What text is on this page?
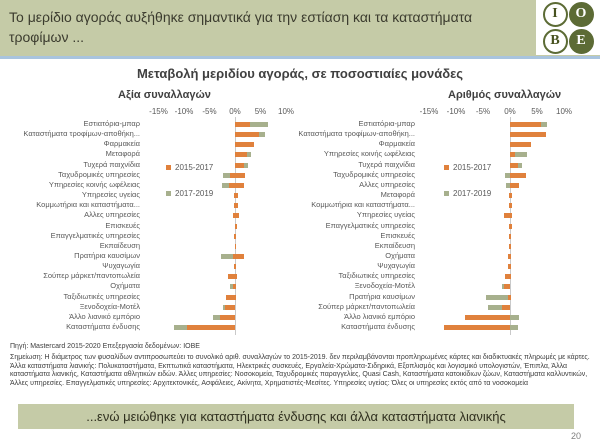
Το μερίδιο αγοράς αυξήθηκε σημαντικά για την εστίαση και τα καταστήματα τροφίμων ...
I	O
B	E
Μεταβολή μεριδίου αγοράς, σε ποσοστιαίες μονάδες
Αξία συναλλαγών	Αριθμός συναλλαγών
-15% -10% -5% 0% 5% 10%
Εστιατόρια-μπαρ
Καταστήματα τροφίμων-αποθήκη...
Φαρμακεία
Μεταφορά
Τυχερά παιχνίδια
Ταχυδρομικές υπηρεσίες
Υπηρεσίες κοινής ωφέλειας
Υπηρεσίες υγείας
Κομμωτήρια και καταστήματα...
Αλλες υπηρεσίες
Επισκευές
Επαγγελματικές υπηρεσίες
Εκπαίδευση
Πρατήρια καυσίμων
Ψυχαγωγία
Σούπερ μάρκετ/παντοπωλεία
Οχήματα
Ταξιδιωτικές υπηρεσίες
Ξενοδοχεία-Μοτέλ
Άλλο λιανικό εμπόριο
Καταστήματα ένδυσης
2015-2017
2017-2019
-15% -10% -5% 0% 5% 10%
Εστιατόρια-μπαρ
Καταστήματα τροφίμων-αποθήκη...
Φαρμακεία
Υπηρεσίες κοινής ωφέλειας
Τυχερά παιχνίδια
Ταχυδρομικές υπηρεσίες
Αλλες υπηρεσίες
Μεταφορά
Κομμωτήρια και καταστήματα...
Υπηρεσίες υγείας
Επαγγελματικές υπηρεσίες
Επισκευές
Εκπαίδευση
Οχήματα
Ψυχαγωγία
Ταξιδιωτικές υπηρεσίες
Ξενοδοχεία-Μοτέλ
Πρατήρια καυσίμων
Σούπερ μάρκετ/παντοπωλεία
Άλλο λιανικό εμπόριο
Καταστήματα ένδυσης
2015-2017
2017-2019
Πηγή: Mastercard 2015-2020 Επεξεργασία δεδομένων: ΙΟΒΕ
Σημείωση: Η διάμετρος των φυσαλίδων αντιπροσωπεύει το συνολικό αριθ. συναλλαγών το 2015-2019. δεν περιλαμβάνονται προπληρωμένες κάρτες και διαδικτυακές πληρωμές με κάρτες. Άλλα καταστήματα λιανικής: Πολυκαταστήματα, Εκπτωτικά καταστήματα, Ηλεκτρικές συσκευές, Εργαλεία-Χρώματα-Σιδηρικά, Εξοπλισμός και λογισμικό υπολογιστών, Έπιπλα, Άλλα καταστήματα λιανικής, Καταστήματα αθλητικών ειδών. Άλλες υπηρεσίες: Νοσοκομεία, Ταχυδρομικές παραγγελίες, Quasi Cash, Καταστήματα κατοικίδιων ζώων, Καταστήματα καλλυντικών, Άλλες υπηρεσίες. Επαγγελματικές υπηρεσίες: Αρχιτεκτονικές, Ασφάλειες, Ακίνητα, Χρηματιστές-Μεσίτες. Υπηρεσίες υγείας: Όλες οι υπηρεσίες εκτός από τα νοσοκομεία
...ενώ μειώθηκε για καταστήματα ένδυσης και άλλα καταστήματα λιανικής
20
